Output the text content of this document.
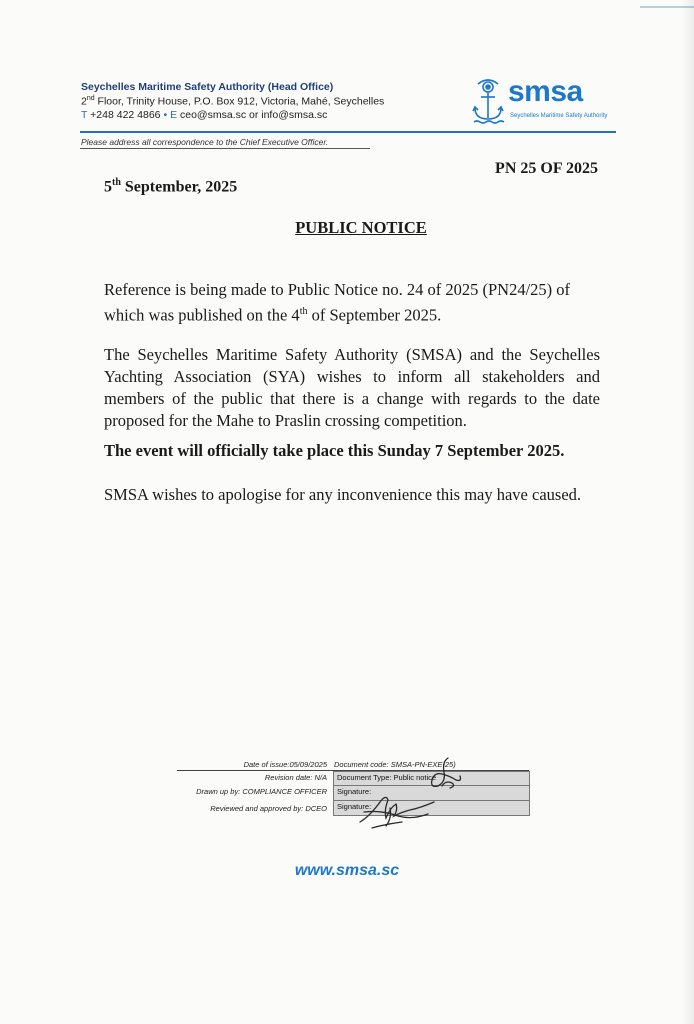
Seychelles Maritime Safety Authority (Head Office)
2nd Floor, Trinity House, P.O. Box 912, Victoria, Mahé, Seychelles
T +248 422 4866 • E ceo@smsa.sc or info@smsa.sc
smsa
Seychelles Maritime Safety Authority
Please address all correspondence to the Chief Executive Officer.
PN 25 OF 2025
5th September, 2025
PUBLIC NOTICE
Reference is being made to Public Notice no. 24 of 2025 (PN24/25) of which was published on the 4th of September 2025.
The Seychelles Maritime Safety Authority (SMSA) and the Seychelles Yachting Association (SYA) wishes to inform all stakeholders and members of the public that there is a change with regards to the date proposed for the Mahe to Praslin crossing competition.
The event will officially take place this Sunday 7 September 2025.
SMSA wishes to apologise for any inconvenience this may have caused.
Date of issue:05/09/2025 Document code: SMSA-PN-EXE-25)
Revision date: N/A Document Type: Public notice
Drawn up by: COMPLIANCE OFFICER Signature:
Reviewed and approved by: DCEO Signature:
www.smsa.sc
